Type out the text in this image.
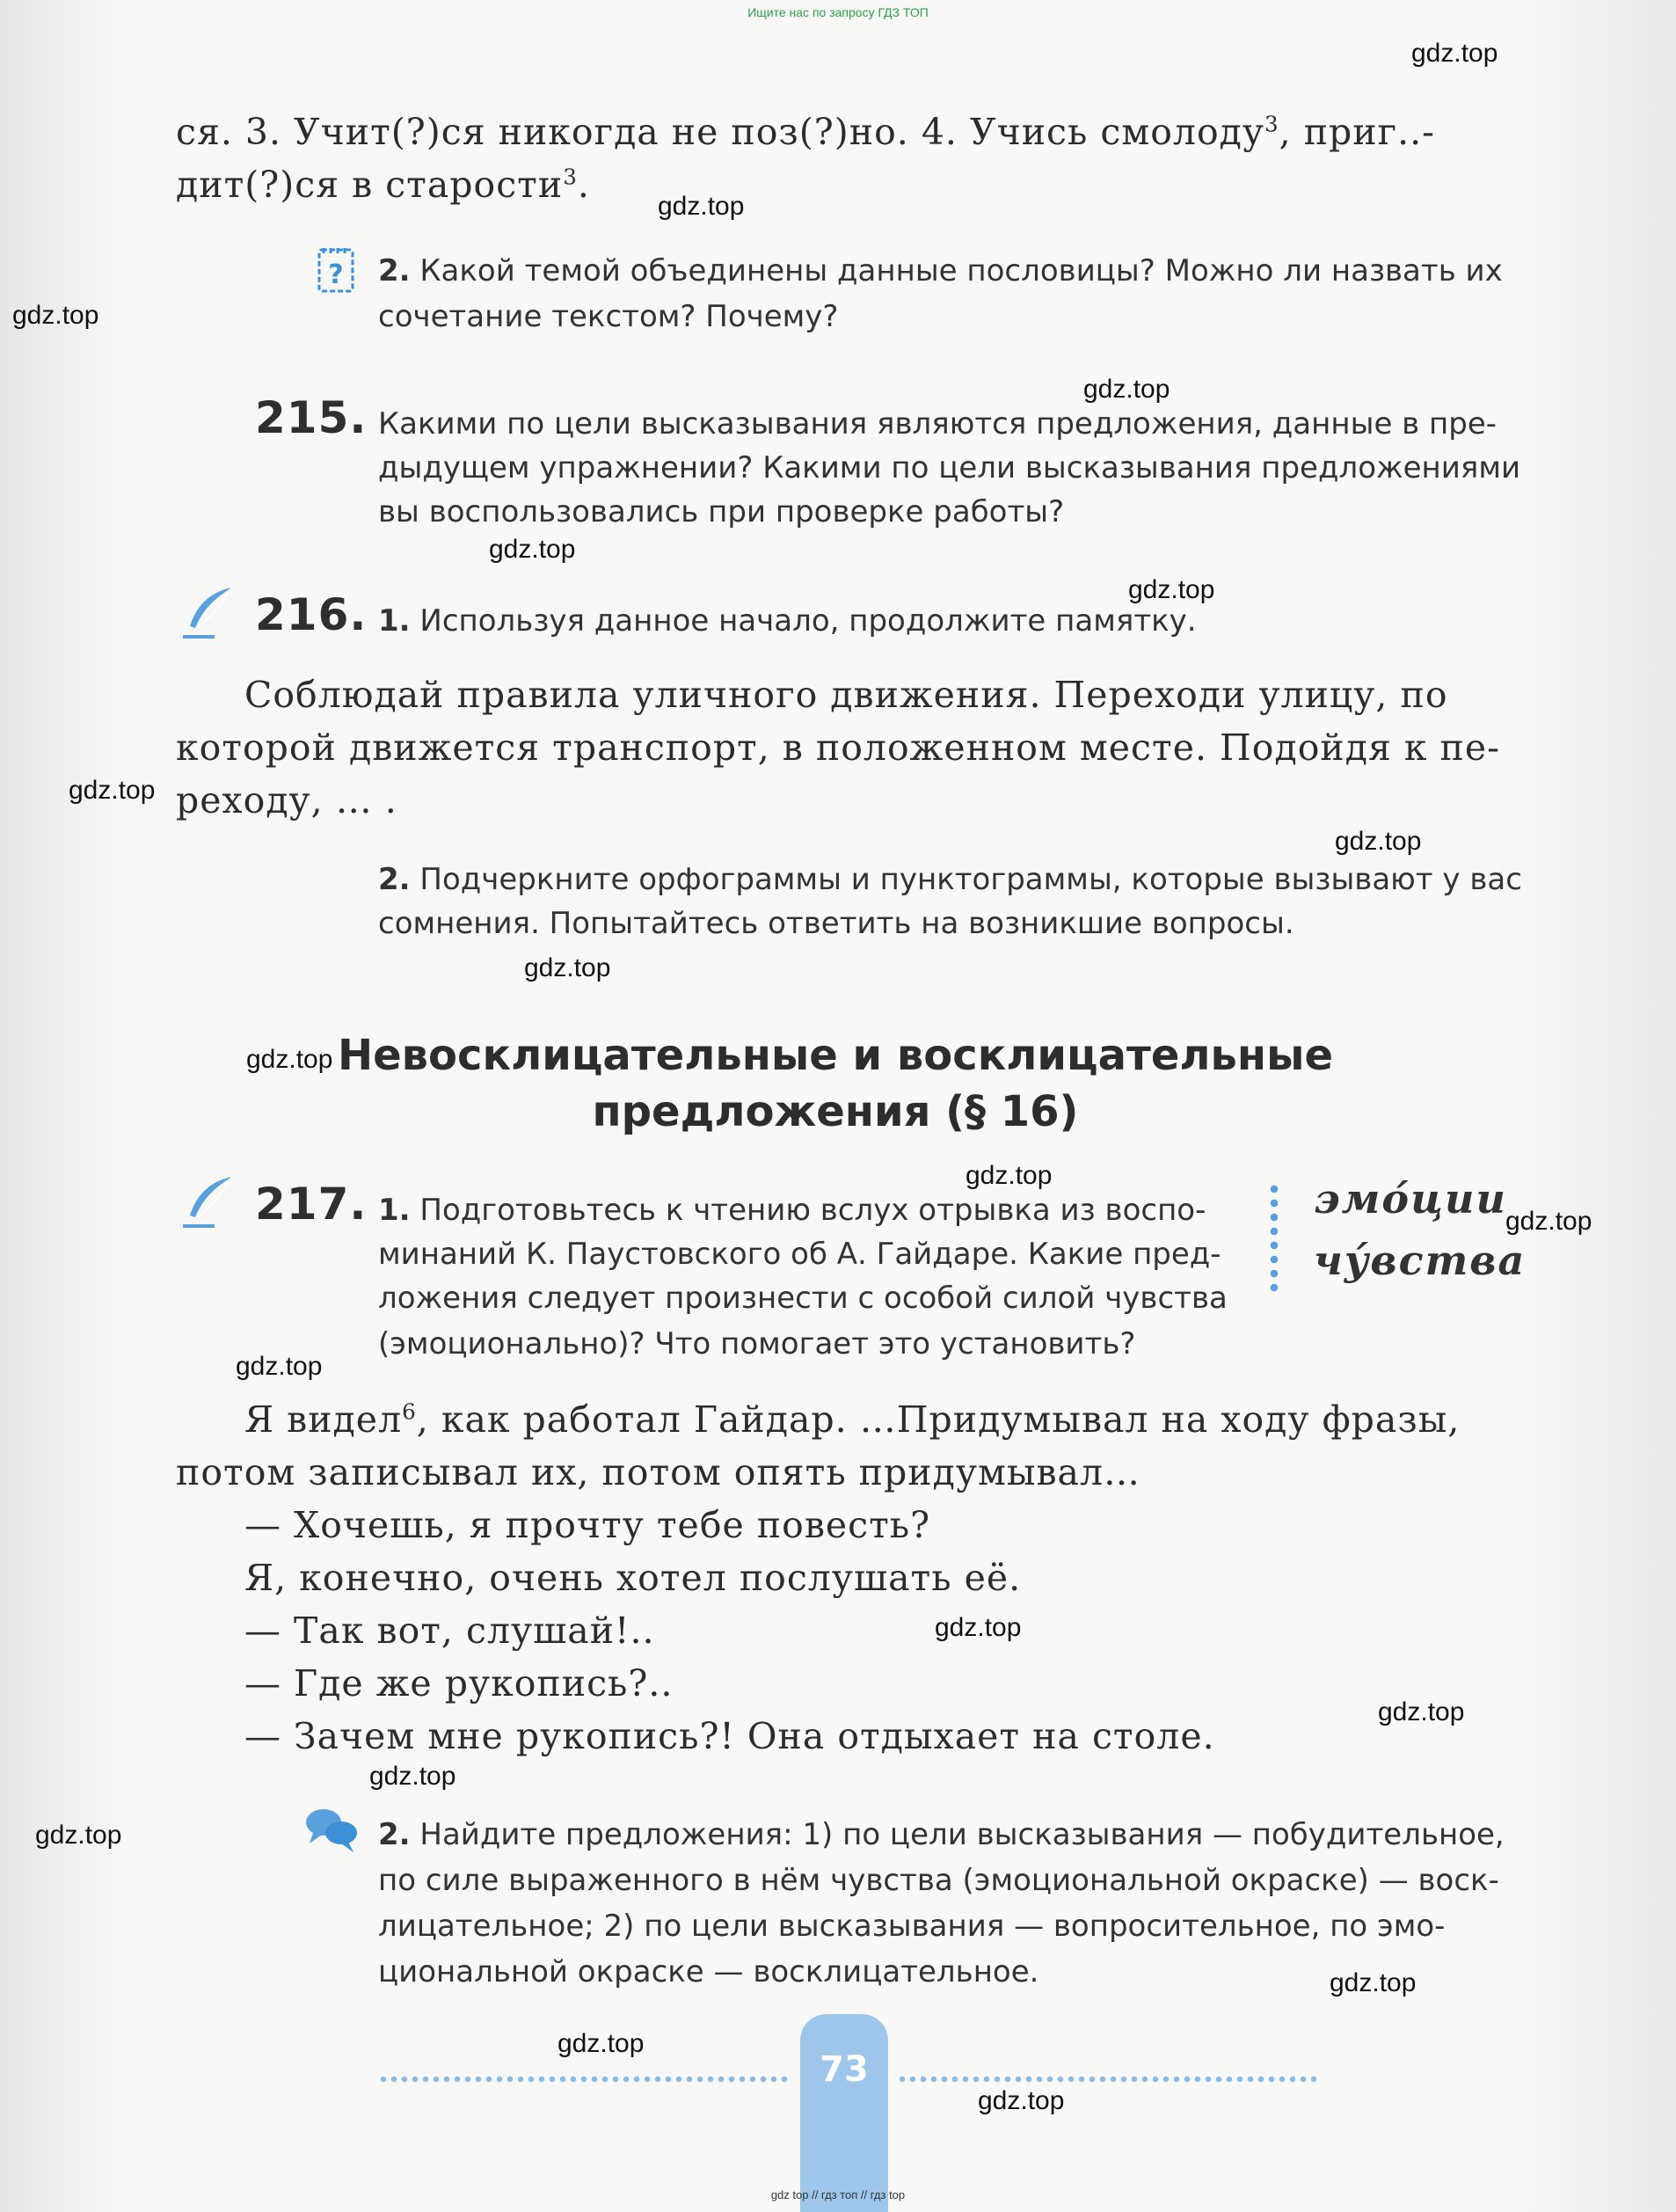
Ищите нас по запросу ГДЗ ТОП
gdz.top
gdz.top
gdz.top
gdz.top
gdz.top
gdz.top
gdz.top
gdz.top
gdz.top
gdz.top
gdz.top
gdz.top
gdz.top
gdz.top
gdz.top
gdz.top
gdz.top
gdz.top
gdz.top
gdz.top
ся. 3. Учит(?)ся никогда не поз(?)но. 4. Учись смолоду$^3$, приг..-
дит(?)ся в старости$^3$.
? 2. Какой темой объединены данные пословицы? Можно ли назвать их
сочетание текстом? Почему?
215. Какими по цели высказывания являются предложения, данные в пре-
дыдущем упражнении? Какими по цели высказывания предложениями
вы воспользовались при проверке работы?
216. 1. Используя данное начало, продолжите памятку.
Соблюдай правила уличного движения. Переходи улицу, по
которой движется транспорт, в положенном месте. Подойдя к пе-
реходу, … .
2. Подчеркните орфограммы и пунктограммы, которые вызывают у вас
сомнения. Попытайтесь ответить на возникшие вопросы.
Невосклицательные и восклицательные
предложения (§ 16)
217. 1. Подготовьтесь к чтению вслух отрывка из воспо-
минаний К. Паустовского об А. Гайдаре. Какие пред-
ложения следует произнести с особой силой чувства
(эмоционально)? Что помогает это установить?
эмо́ции
чу́вства
Я видел$^6$, как работал Гайдар. …Придумывал на ходу фразы,
потом записывал их, потом опять придумывал…
— Хочешь, я прочту тебе повесть?
Я, конечно, очень хотел послушать её.
— Так вот, слушай!..
— Где же рукопись?..
— Зачем мне рукопись?! Она отдыхает на столе.
2. Найдите предложения: 1) по цели высказывания — побудительное,
по силе выраженного в нём чувства (эмоциональной окраске) — воск-
лицательное; 2) по цели высказывания — вопросительное, по эмо-
циональной окраске — восклицательное.
73
gdz top // гдз топ // гдз top
